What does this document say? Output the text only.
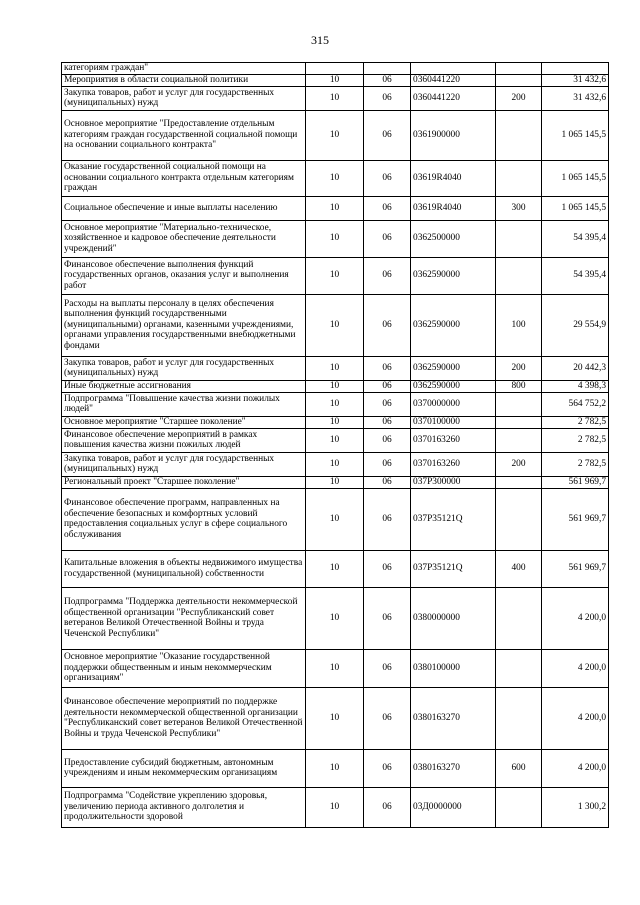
315
категориям граждан"					
Мероприятия в области социальной политики	10	06	0360441220		31 432,6
Закупка товаров, работ и услуг для государственных (муниципальных) нужд	10	06	0360441220	200	31 432,6
Основное мероприятие "Предоставление отдельным категориям граждан государственной социальной помощи на основании социального контракта"	10	06	0361900000		1 065 145,5
Оказание государственной социальной помощи на основании социального контракта отдельным категориям граждан	10	06	03619R4040		1 065 145,5
Социальное обеспечение и иные выплаты населению	10	06	03619R4040	300	1 065 145,5
Основное мероприятие "Материально-техническое, хозяйственное и кадровое обеспечение деятельности учреждений"	10	06	0362500000		54 395,4
Финансовое обеспечение выполнения функций государственных органов, оказания услуг и выполнения работ	10	06	0362590000		54 395,4
Расходы на выплаты персоналу в целях обеспечения выполнения функций государственными (муниципальными) органами, казенными учреждениями, органами управления государственными внебюджетными фондами	10	06	0362590000	100	29 554,9
Закупка товаров, работ и услуг для государственных (муниципальных) нужд	10	06	0362590000	200	20 442,3
Иные бюджетные ассигнования	10	06	0362590000	800	4 398,3
Подпрограмма "Повышение качества жизни пожилых людей"	10	06	0370000000		564 752,2
Основное мероприятие "Старшее поколение"	10	06	0370100000		2 782,5
Финансовое обеспечение мероприятий в рамках повышения качества жизни пожилых людей	10	06	0370163260		2 782,5
Закупка товаров, работ и услуг для государственных (муниципальных) нужд	10	06	0370163260	200	2 782,5
Региональный проект "Старшее поколение"	10	06	037P300000		561 969,7
Финансовое обеспечение программ, направленных на обеспечение безопасных и комфортных условий предоставления социальных услуг в сфере социального обслуживания	10	06	037P35121Q		561 969,7
Капитальные вложения в объекты недвижимого имущества государственной (муниципальной) собственности	10	06	037P35121Q	400	561 969,7
Подпрограмма "Поддержка деятельности некоммерческой общественной организации "Республиканский совет ветеранов Великой Отечественной Войны и труда Чеченской Республики"	10	06	0380000000		4 200,0
Основное мероприятие "Оказание государственной поддержки общественным и иным некоммерческим организациям"	10	06	0380100000		4 200,0
Финансовое обеспечение мероприятий по поддержке деятельности некоммерческой общественной организации "Республиканский совет ветеранов Великой Отечественной Войны и труда Чеченской Республики"	10	06	0380163270		4 200,0
Предоставление субсидий бюджетным, автономным учреждениям и иным некоммерческим организациям	10	06	0380163270	600	4 200,0
Подпрограмма "Содействие укреплению здоровья, увеличению периода активного долголетия и продолжительности здоровой	10	06	03Д0000000		1 300,2
